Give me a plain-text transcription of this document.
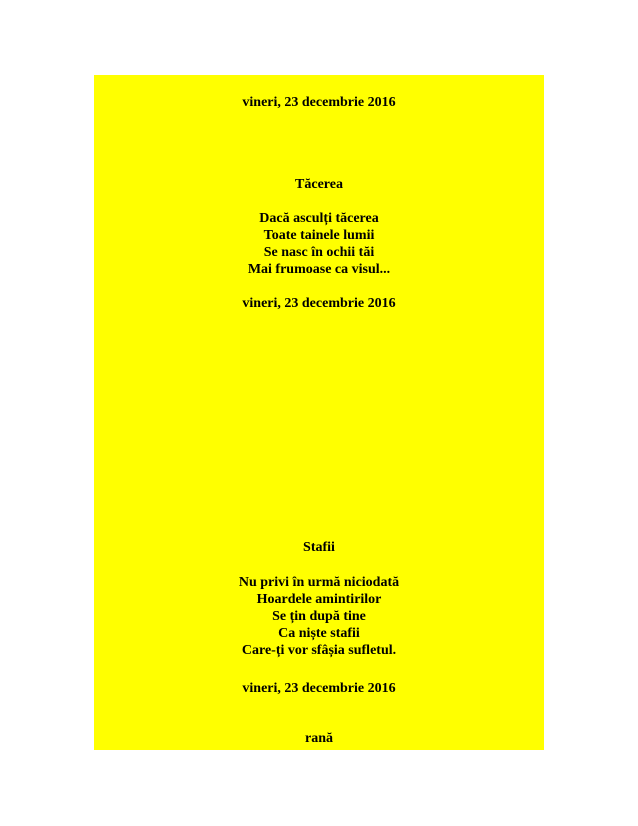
vineri, 23 decembrie 2016
Tăcerea
Dacă asculți tăcerea
Toate tainele lumii
Se nasc în ochii tăi
Mai frumoase ca visul...
vineri, 23 decembrie 2016
Stafii
Nu privi în urmă niciodată
Hoardele amintirilor
Se țin după tine
Ca niște stafii
Care-ți vor sfâșia sufletul.
vineri, 23 decembrie 2016
rană
